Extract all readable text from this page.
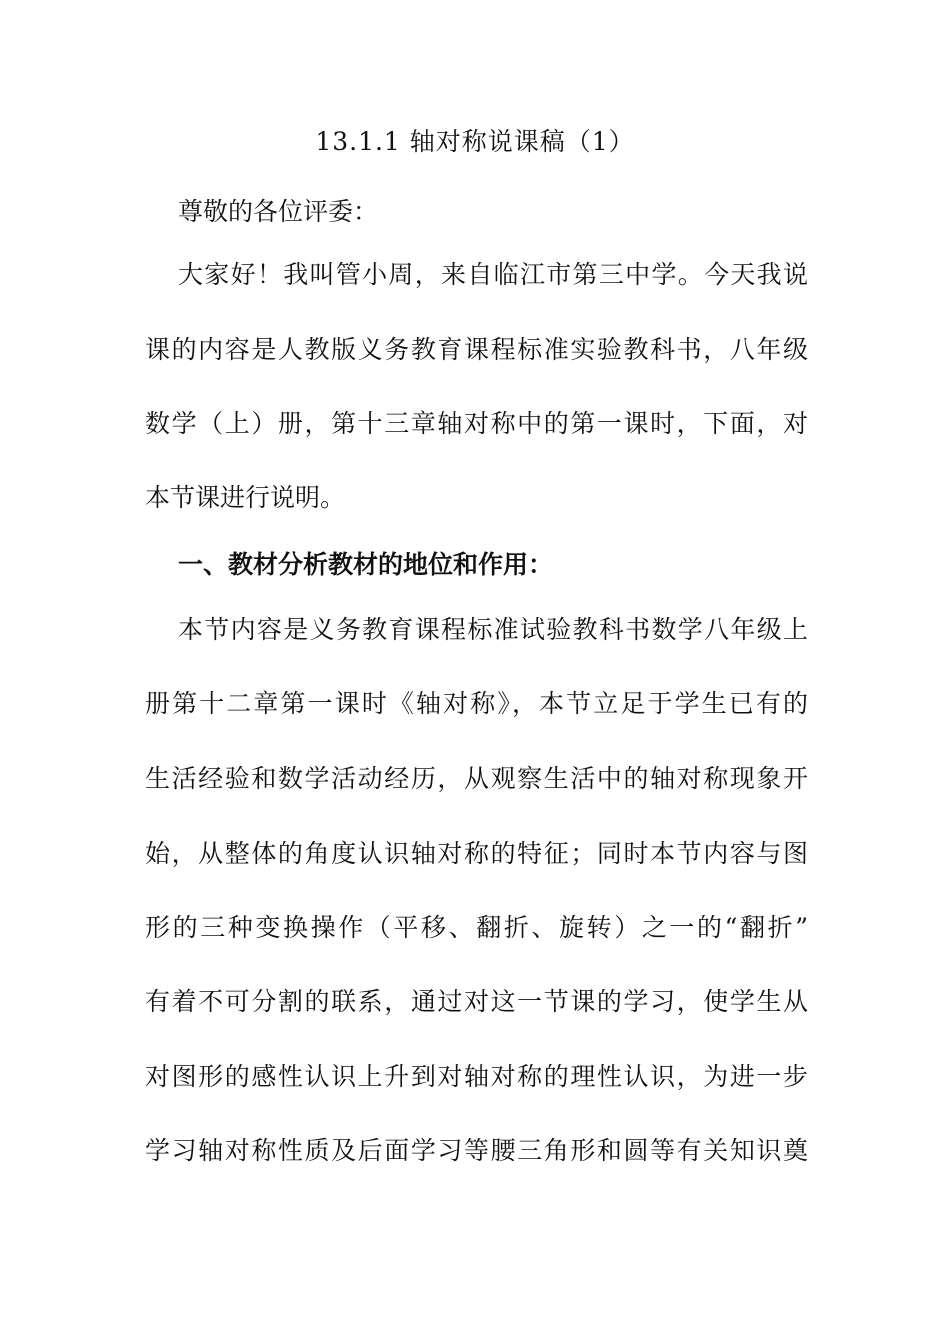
13.1.1 轴对称说课稿（1）
尊敬的各位评委：
大家好！我叫管小周，来自临江市第三中学。今天我说
课的内容是人教版义务教育课程标准实验教科书，八年级
数学（上）册，第十三章轴对称中的第一课时，下面，对
本节课进行说明。
一、教材分析教材的地位和作用：
本节内容是义务教育课程标准试验教科书数学八年级上
册第十二章第一课时《轴对称》，本节立足于学生已有的
生活经验和数学活动经历，从观察生活中的轴对称现象开
始，从整体的角度认识轴对称的特征；同时本节内容与图
形的三种变换操作（平移、翻折、旋转）之一的“翻折”
有着不可分割的联系，通过对这一节课的学习，使学生从
对图形的感性认识上升到对轴对称的理性认识，为进一步
学习轴对称性质及后面学习等腰三角形和圆等有关知识奠
